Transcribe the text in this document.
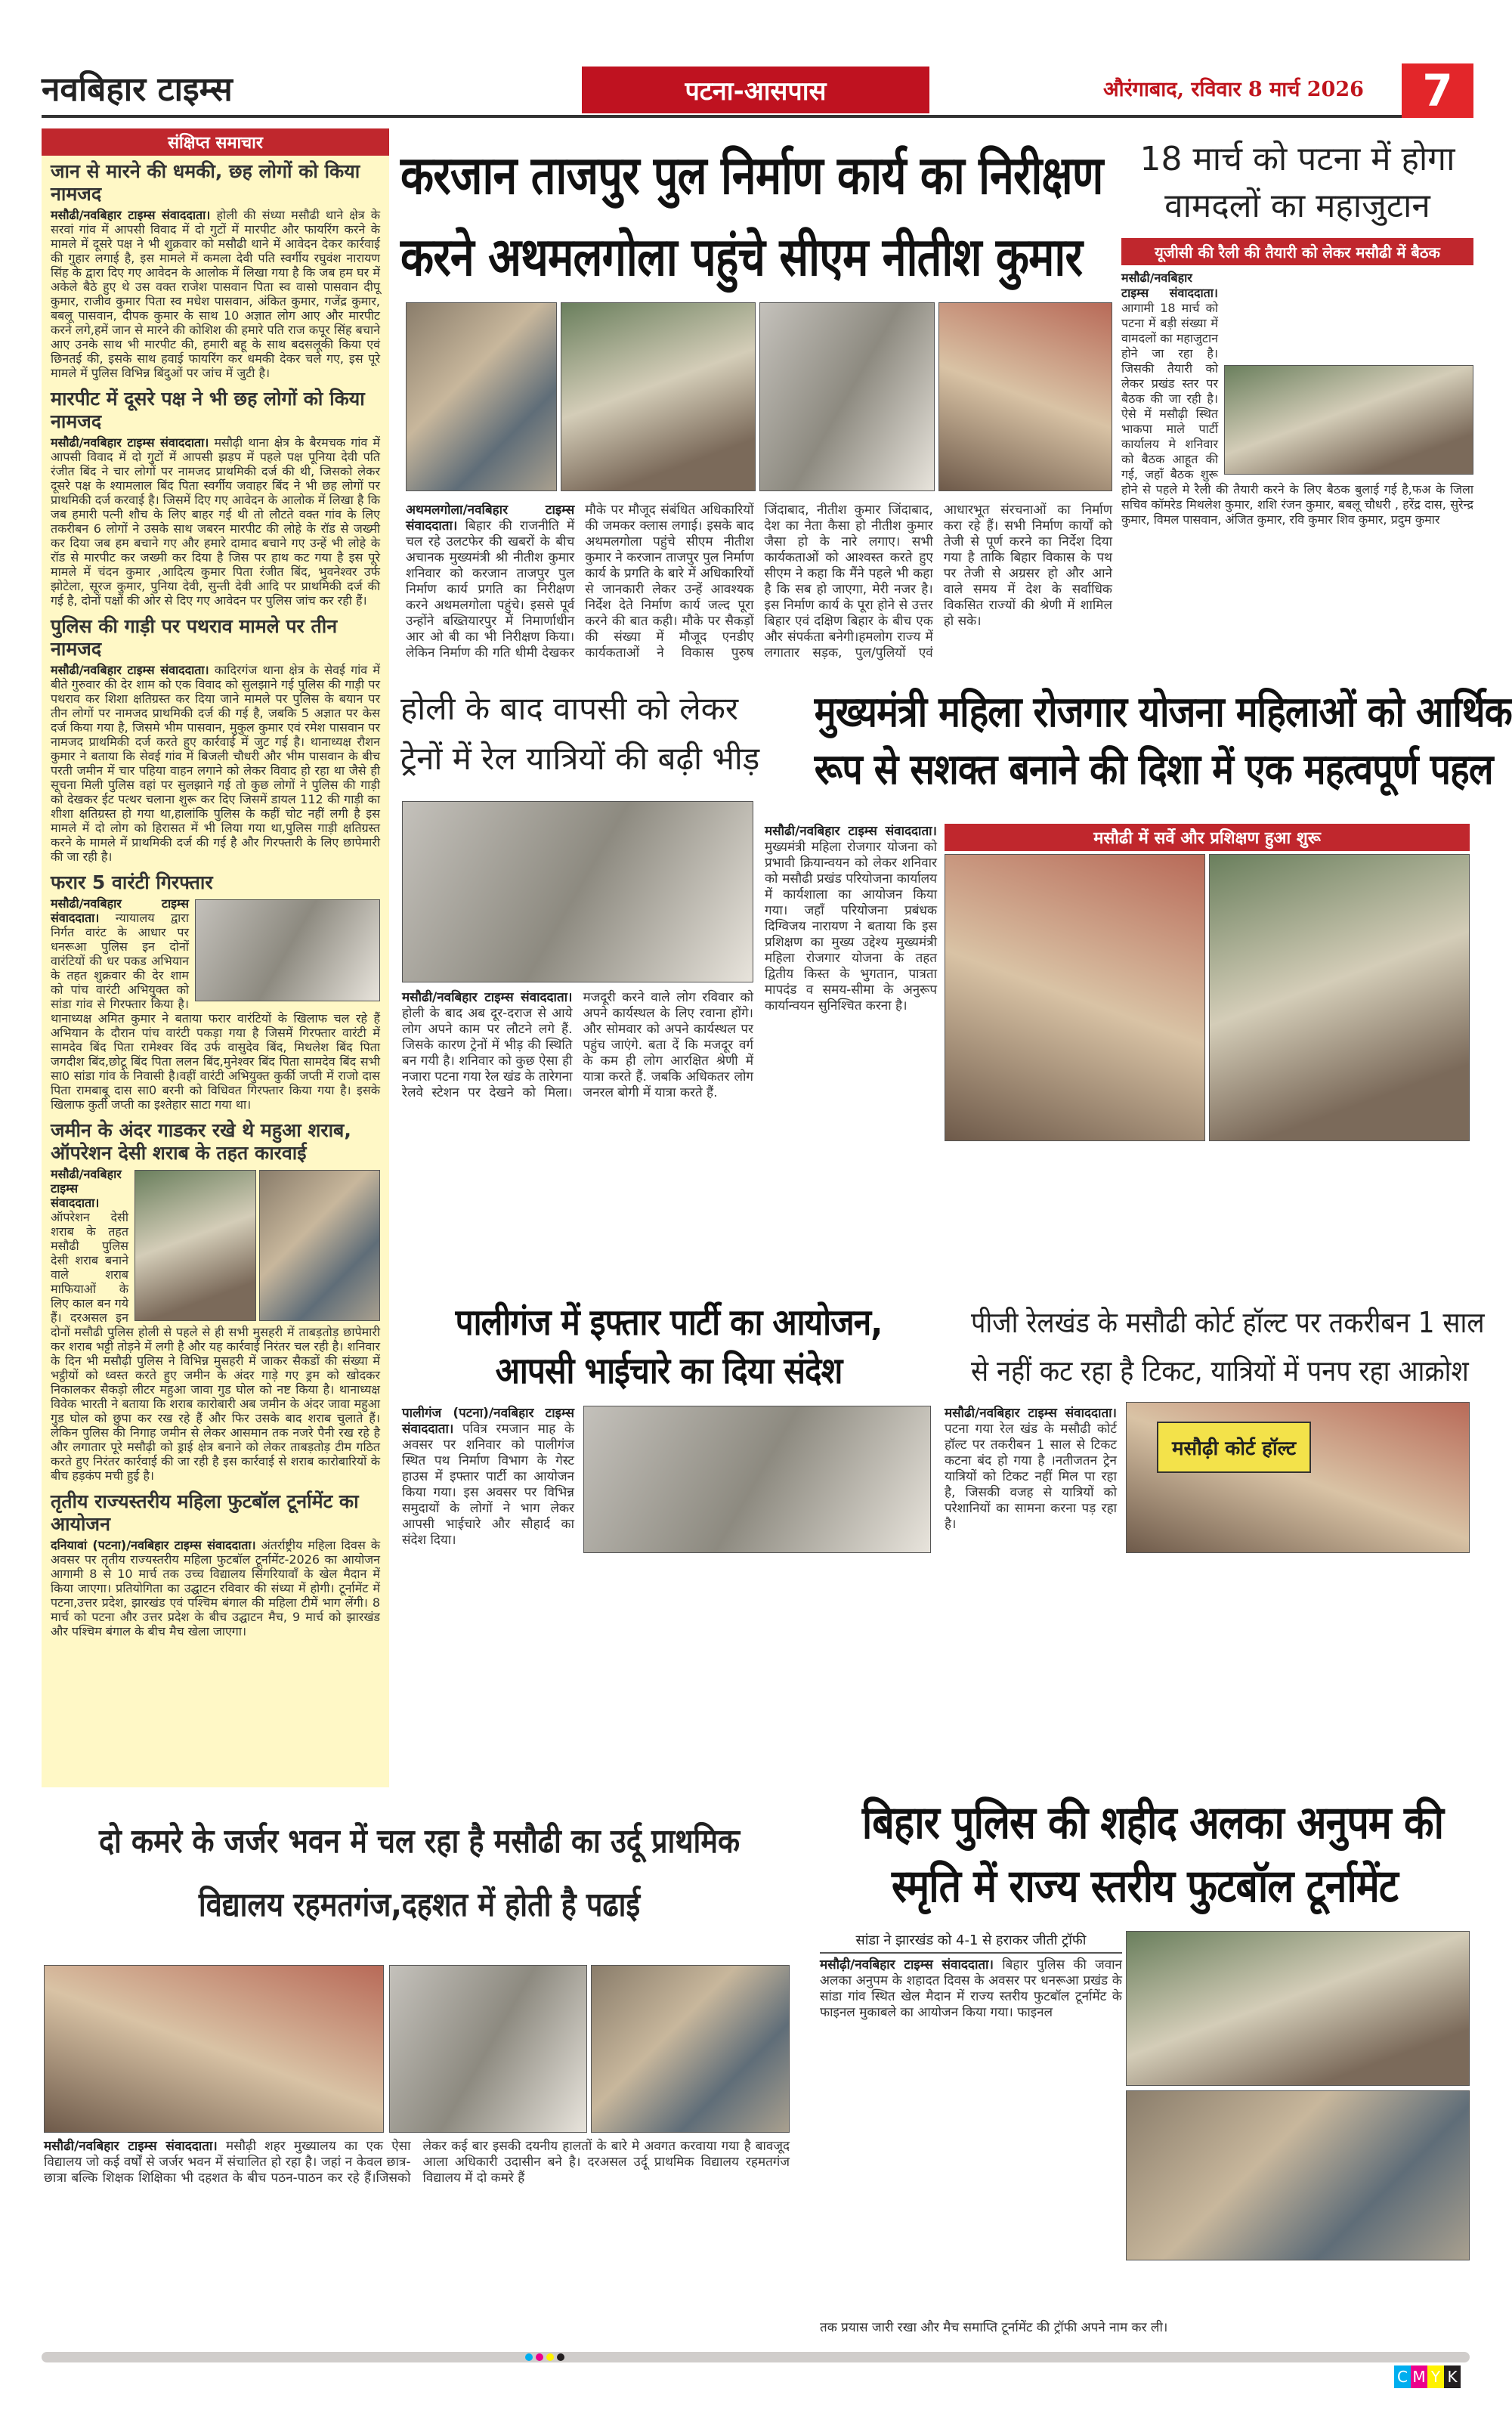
नवबिहार टाइम्स	पटना-आसपास	औरंगाबाद, रविवार 8 मार्च 2026	7
संक्षिप्त समाचार
जान से मारने की धमकी, छह लोगों को किया नामजद

मसौढी/नवबिहार टाइम्स संवाददाता। होली की संध्या मसौढी थाने क्षेत्र के सरवां गांव में आपसी विवाद में दो गुटों में मारपीट और फायरिंग करने के मामले में दूसरे पक्ष ने भी शुक्रवार को मसौढी थाने में आवेदन देकर कार्रवाई की गुहार लगाई है, इस मामले में कमला देवी पति स्वर्गीय रघुवंश नारायण सिंह के द्वारा दिए गए आवेदन के आलोक में लिखा गया है कि जब हम घर में अकेले बैठे हुए थे उस वक्त राजेश पासवान पिता स्व वासो पासवान दीपू कुमार, राजीव कुमार पिता स्व मधेश पासवान, अंकित कुमार, गजेंद्र कुमार, बबलू पासवान, दीपक कुमार के साथ 10 अज्ञात लोग आए और मारपीट करने लगे,हमें जान से मारने की कोशिश की हमारे पति राज कपूर सिंह बचाने आए उनके साथ भी मारपीट की, हमारी बहू के साथ बदसलूकी किया एवं छिनतई की, इसके साथ हवाई फायरिंग कर धमकी देकर चले गए, इस पूरे मामले में पुलिस विभिन्न बिंदुओं पर जांच में जुटी है।

मारपीट में दूसरे पक्ष ने भी छह लोगों को किया नामजद

मसौढी/नवबिहार टाइम्स संवाददाता। मसौढ़ी थाना क्षेत्र के बैरमचक गांव में आपसी विवाद में दो गुटों में आपसी झड़प में पहले पक्ष पूनिया देवी पति रंजीत बिंद ने चार लोगों पर नामजद प्राथमिकी दर्ज की थी, जिसको लेकर दूसरे पक्ष के श्यामलाल बिंद पिता स्वर्गीय जवाहर बिंद ने भी छह लोगों पर प्राथमिकी दर्ज करवाई है। जिसमें दिए गए आवेदन के आलोक में लिखा है कि जब हमारी पत्नी शौच के लिए बाहर गई थी तो लौटते वक्त गांव के लिए तकरीबन 6 लोगों ने उसके साथ जबरन मारपीट की लोहे के रॉड से जख्मी कर दिया जब हम बचाने गए और हमारे दामाद बचाने गए उन्हें भी लोहे के रॉड से मारपीट कर जख्मी कर दिया है जिस पर हाथ कट गया है इस पूरे मामले में चंदन कुमार ,आदित्य कुमार पिता रंजीत बिंद, भुवनेश्वर उर्फ झोटेला, सूरज कुमार, पुनिया देवी, सुन्ती देवी आदि पर प्राथमिकी दर्ज की गई है, दोनों पक्षों की ओर से दिए गए आवेदन पर पुलिस जांच कर रही हैं।

पुलिस की गाड़ी पर पथराव मामले पर तीन नामजद

मसौढी/नवबिहार टाइम्स संवाददाता। कादिरगंज थाना क्षेत्र के सेवई गांव में बीते गुरुवार की देर शाम को एक विवाद को सुलझाने गई पुलिस की गाड़ी पर पथराव कर शिशा क्षतिग्रस्त कर दिया जाने मामले पर पुलिस के बयान पर तीन लोगों पर नामजद प्राथमिकी दर्ज की गई है, जबकि 5 अज्ञात पर केस दर्ज किया गया है, जिसमे भीम पासवान, मुकुल कुमार एवं रमेश पासवान पर नामजद प्राथमिकी दर्ज करते हुए कार्रवाई में जुट गई है। थानाध्यक्ष रौशन कुमार ने बताया कि सेवई गांव में बिजली चौधरी और भीम पासवान के बीच परती जमीन में चार पहिया वाहन लगाने को लेकर विवाद हो रहा था जैसे ही सूचना मिली पुलिस वहां पर सुलझाने गई तो कुछ लोगों ने पुलिस की गाड़ी को देखकर ईट पत्थर चलाना शुरू कर दिए जिसमें डायल 112 की गाड़ी का शीशा क्षतिग्रस्त हो गया था,हालांकि पुलिस के कहीं चोट नहीं लगी है इस मामले में दो लोग को हिरासत में भी लिया गया था,पुलिस गाड़ी क्षतिग्रस्त करने के मामले में प्राथमिकी दर्ज की गई है और गिरफ्तारी के लिए छापेमारी की जा रही है।

फरार 5 वारंटी गिरफ्तार

मसौढी/नवबिहार टाइम्स संवाददाता। न्यायालय द्वारा निर्गत वारंट के आधार पर धनरूआ पुलिस इन दोनों वारंटियों की धर पकड अभियान के तहत शुक्रवार की देर शाम को पांच वारंटी अभियुक्त को सांडा गांव से गिरफ्तार किया है। थानाध्यक्ष अमित कुमार ने बताया फरार वारंटियों के खिलाफ चल रहे हैं अभियान के दौरान पांच वारंटी पकड़ा गया है जिसमें गिरफ्तार वारंटी में सामदेव बिंद पिता रामेश्वर विंद उर्फ वासुदेव बिंद, मिथलेश बिंद पिता जगदीश बिंद,छोटू बिंद पिता ललन बिंद,मुनेश्वर बिंद पिता सामदेव बिंद सभी सा0 सांडा गांव के निवासी है।वहीं वारंटी अभियुक्त कुर्की जप्ती में राजो दास पिता रामबाबू दास सा0 बरनी को विधिवत गिरफ्तार किया गया है। इसके खिलाफ कुर्ती जप्ती का इश्तेहार साटा गया था।

जमीन के अंदर गाडकर रखे थे महुआ शराब, ऑपरेशन देसी शराब के तहत कारवाई

मसौढी/नवबिहार टाइम्स संवाददाता। ऑपरेशन देसी शराब के तहत मसौढी पुलिस देसी शराब बनाने वाले शराब माफियाओं के लिए काल बन गये हैं। दरअसल इन दोनों मसौढी पुलिस होली से पहले से ही सभी मुसहरी में ताबड़तोड़ छापेमारी कर शराब भट्टी तोड़ने में लगी है और यह कार्रवाई निरंतर चल रही है। शनिवार के दिन भी मसौढ़ी पुलिस ने विभिन्न मुसहरी में जाकर सैकडों की संख्या में भट्ठीयों को ध्वस्त करते हुए जमीन के अंदर गाड़े गए ड्रम को खोदकर निकालकर सैकड़ो लीटर महुआ जावा गुड घोल को नष्ट किया है। थानाध्यक्ष विवेक भारती ने बताया कि शराब कारोबारी अब जमीन के अंदर जावा महुआ गुड घोल को छुपा कर रख रहे हैं और फिर उसके बाद शराब चुलाते हैं। लेकिन पुलिस की निगाह जमीन से लेकर आसमान तक नजरे पैनी रख रहे है और लगातार पूरे मसौढ़ी को ड्राई क्षेत्र बनाने को लेकर ताबड़तोड़ टीम गठित करते हुए निरंतर कार्रवाई की जा रही है इस कार्रवाई से शराब कारोबारियों के बीच हड़कंप मची हुई है।

तृतीय राज्यस्तरीय महिला फुटबॉल टूर्नामेंट का आयोजन

दनियावां (पटना)/नवबिहार टाइम्स संवाददाता। अंतर्राष्ट्रीय महिला दिवस के अवसर पर तृतीय राज्यस्तरीय महिला फुटबॉल टूर्नामेंट-2026 का आयोजन आगामी 8 से 10 मार्च तक उच्च विद्यालय सिंगरियावाँ के खेल मैदान में किया जाएगा। प्रतियोगिता का उद्घाटन रविवार की संध्या में होगी। टूर्नामेंट में पटना,उत्तर प्रदेश, झारखंड एवं पश्चिम बंगाल की महिला टीमें भाग लेंगी। 8 मार्च को पटना और उत्तर प्रदेश के बीच उद्घाटन मैच, 9 मार्च को झारखंड और पश्चिम बंगाल के बीच मैच खेला जाएगा।

करजान ताजपुर पुल निर्माण कार्य का निरीक्षण
करने अथमलगोला पहुंचे सीएम नीतीश कुमार
अथमलगोला/नवबिहार टाइम्स संवाददाता। बिहार की राजनीति में चल रहे उलटफेर की खबरों के बीच अचानक मुख्यमंत्री श्री नीतीश कुमार शनिवार को करजान ताजपुर पुल निर्माण कार्य प्रगति का निरीक्षण करने अथमलगोला पहुंचे। इससे पूर्व उन्होंने बख्तियारपुर में निमार्णाधीन आर ओ बी का भी निरीक्षण किया। लेकिन निर्माण की गति धीमी देखकर मौके पर मौजूद संबंधित अधिकारियों की जमकर क्लास लगाई। इसके बाद अथमलगोला पहुंचे सीएम नीतीश कुमार ने करजान ताजपुर पुल निर्माण कार्य के प्रगति के बारे में अधिकारियों से जानकारी लेकर उन्हें आवश्यक निर्देश देते निर्माण कार्य जल्द पूरा करने की बात कही। मौके पर सैकड़ों की संख्या में मौजूद एनडीए कार्यकताओं ने विकास पुरुष जिंदाबाद, नीतीश कुमार जिंदाबाद, देश का नेता कैसा हो नीतीश कुमार जैसा हो के नारे लगाए। सभी कार्यकताओं को आश्वस्त करते हुए सीएम ने कहा कि मैंने पहले भी कहा है कि सब हो जाएगा, मेरी नजर है।इस निर्माण कार्य के पूरा होने से उत्तर बिहार एवं दक्षिण बिहार के बीच एक और संपर्कता बनेगी।हमलोग राज्य में लगातार सड़क, पुल/पुलियों एवं आधारभूत संरचनाओं का निर्माण करा रहे हैं। सभी निर्माण कार्यों को तेजी से पूर्ण करने का निर्देश दिया गया है ताकि बिहार विकास के पथ पर तेजी से अग्रसर हो और आने वाले समय में देश के सर्वाधिक विकसित राज्यों की श्रेणी में शामिल हो सके।
18 मार्च को पटना में होगा
वामदलों का महाजुटान
यूजीसी की रैली की तैयारी को लेकर मसौढी में बैठक
मसौढी/नवबिहार टाइम्स संवाददाता। आगामी 18 मार्च को पटना में बड़ी संख्या में वामदलों का महाजुटान होने जा रहा है। जिसकी तैयारी को लेकर प्रखंड स्तर पर बैठक की जा रही है। ऐसे में मसौढ़ी स्थित भाकपा माले पार्टी कार्यालय मे शनिवार को बैठक आहूत की गई, जहाँ बैठक शुरू होने से पहले मे रैली की तैयारी करने के लिए बैठक बुलाई गई है,फअ के जिला सचिव कॉमरेड मिथलेश कुमार, शशि रंजन कुमार, बबलू चौधरी , हरेंद्र दास, सुरेन्द्र कुमार, विमल पासवान, अंजित कुमार, रवि कुमार शिव कुमार, प्रदुम कुमार
होली के बाद वापसी को लेकर
ट्रेनों में रेल यात्रियों की बढ़ी भीड़
मसौढी/नवबिहार टाइम्स संवाददाता। होली के बाद अब दूर-दराज से आये लोग अपने काम पर लौटने लगे हैं. जिसके कारण ट्रेनों में भीड़ की स्थिति बन गयी है। शनिवार को कुछ ऐसा ही नजारा पटना गया रेल खंड के तारेगना रेलवे स्टेशन पर देखने को मिला। मजदूरी करने वाले लोग रविवार को अपने कार्यस्थल के लिए रवाना होंगे। और सोमवार को अपने कार्यस्थल पर पहुंच जाएंगे. बता दें कि मजदूर वर्ग के कम ही लोग आरक्षित श्रेणी में यात्रा करते हैं. जबकि अधिकतर लोग जनरल बोगी में यात्रा करते हैं.
मुख्यमंत्री महिला रोजगार योजना महिलाओं को आर्थिक
रूप से सशक्त बनाने की दिशा में एक महत्वपूर्ण पहल
मसौढी/नवबिहार टाइम्स संवाददाता। मुख्यमंत्री महिला रोजगार योजना को प्रभावी क्रियान्वयन को लेकर शनिवार को मसौढी प्रखंड परियोजना कार्यालय में कार्यशाला का आयोजन किया गया। जहाँ परियोजना प्रबंधक दिग्विजय नारायण ने बताया कि इस प्रशिक्षण का मुख्य उद्देश्य मुख्यमंत्री महिला रोजगार योजना के तहत द्वितीय किस्त के भुगतान, पात्रता मापदंड व समय-सीमा के अनुरूप कार्यान्वयन सुनिश्चित करना है।
मसौढी में सर्वे और प्रशिक्षण हुआ शुरू
पालीगंज में इफ्तार पार्टी का आयोजन,
आपसी भाईचारे का दिया संदेश
पालीगंज (पटना)/नवबिहार टाइम्स संवाददाता। पवित्र रमजान माह के अवसर पर शनिवार को पालीगंज स्थित पथ निर्माण विभाग के गेस्ट हाउस में इफ्तार पार्टी का आयोजन किया गया। इस अवसर पर विभिन्न समुदायों के लोगों ने भाग लेकर आपसी भाईचारे और सौहार्द का संदेश दिया।
पीजी रेलखंड के मसौढी कोर्ट हॉल्ट पर तकरीबन 1 साल
से नहीं कट रहा है टिकट, यात्रियों में पनप रहा आक्रोश
मसौढी/नवबिहार टाइम्स संवाददाता। पटना गया रेल खंड के मसौढी कोर्ट हॉल्ट पर तकरीबन 1 साल से टिकट कटना बंद हो गया है ।नतीजतन ट्रेन यात्रियों को टिकट नहीं मिल पा रहा है, जिसकी वजह से यात्रियों को परेशानियों का सामना करना पड़ रहा है।
मसौढ़ी कोर्ट हॉल्ट
दो कमरे के जर्जर भवन में चल रहा है मसौढी का उर्दू प्राथमिक
विद्यालय रहमतगंज,दहशत में होती है पढाई
मसौढी/नवबिहार टाइम्स संवाददाता। मसौढ़ी शहर मुख्यालय का एक ऐसा विद्यालय जो कई वर्षों से जर्जर भवन में संचालित हो रहा है। जहां न केवल छात्र-छात्रा बल्कि शिक्षक शिक्षिका भी दहशत के बीच पठन-पाठन कर रहे हैं।जिसको लेकर कई बार इसकी दयनीय हालतों के बारे मे अवगत करवाया गया है बावजूद आला अधिकारी उदासीन बने है। दरअसल उर्दू प्राथमिक विद्यालय रहमतगंज विद्यालय में दो कमरे हैं
बिहार पुलिस की शहीद अलका अनुपम की
स्मृति में राज्य स्तरीय फुटबॉल टूर्नामेंट
सांडा ने झारखंड को 4-1 से हराकर जीती ट्रॉफी
मसौढ़ी/नवबिहार टाइम्स संवाददाता। बिहार पुलिस की जवान अलका अनुपम के शहादत दिवस के अवसर पर धनरूआ प्रखंड के सांडा गांव स्थित खेल मैदान में राज्य स्तरीय फुटबॉल टूर्नामेंट के फाइनल मुकाबले का आयोजन किया गया। फाइनल
तक प्रयास जारी रखा और मैच समाप्ति टूर्नामेंट की ट्रॉफी अपने नाम कर ली।
C M Y K
